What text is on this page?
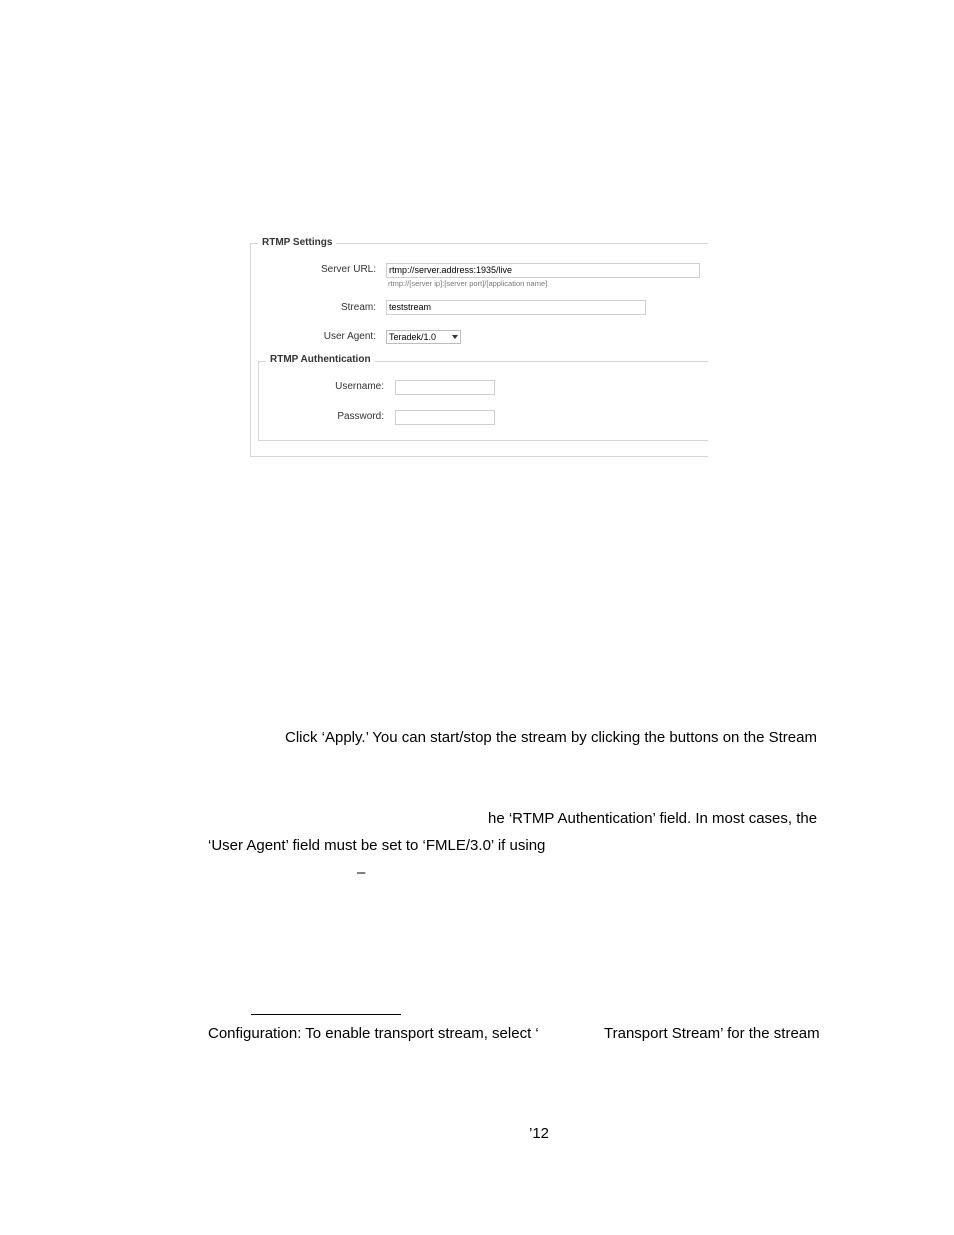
RTMP Settings
Server URL:	rtmp://server.address:1935/live
rtmp://[server ip]:[server port]/[application name]
Stream:	teststream
User Agent:	Teradek/1.0
RTMP Authentication
Username:
Password:
Click ‘Apply.’ You can start/stop the stream by clicking the buttons on the Stream
he ‘RTMP Authentication’ field. In most cases, the
‘User Agent’ field must be set to ‘FMLE/3.0’ if using
–
Configuration: To enable transport stream, select ‘	Transport Stream’ for the stream
’12
